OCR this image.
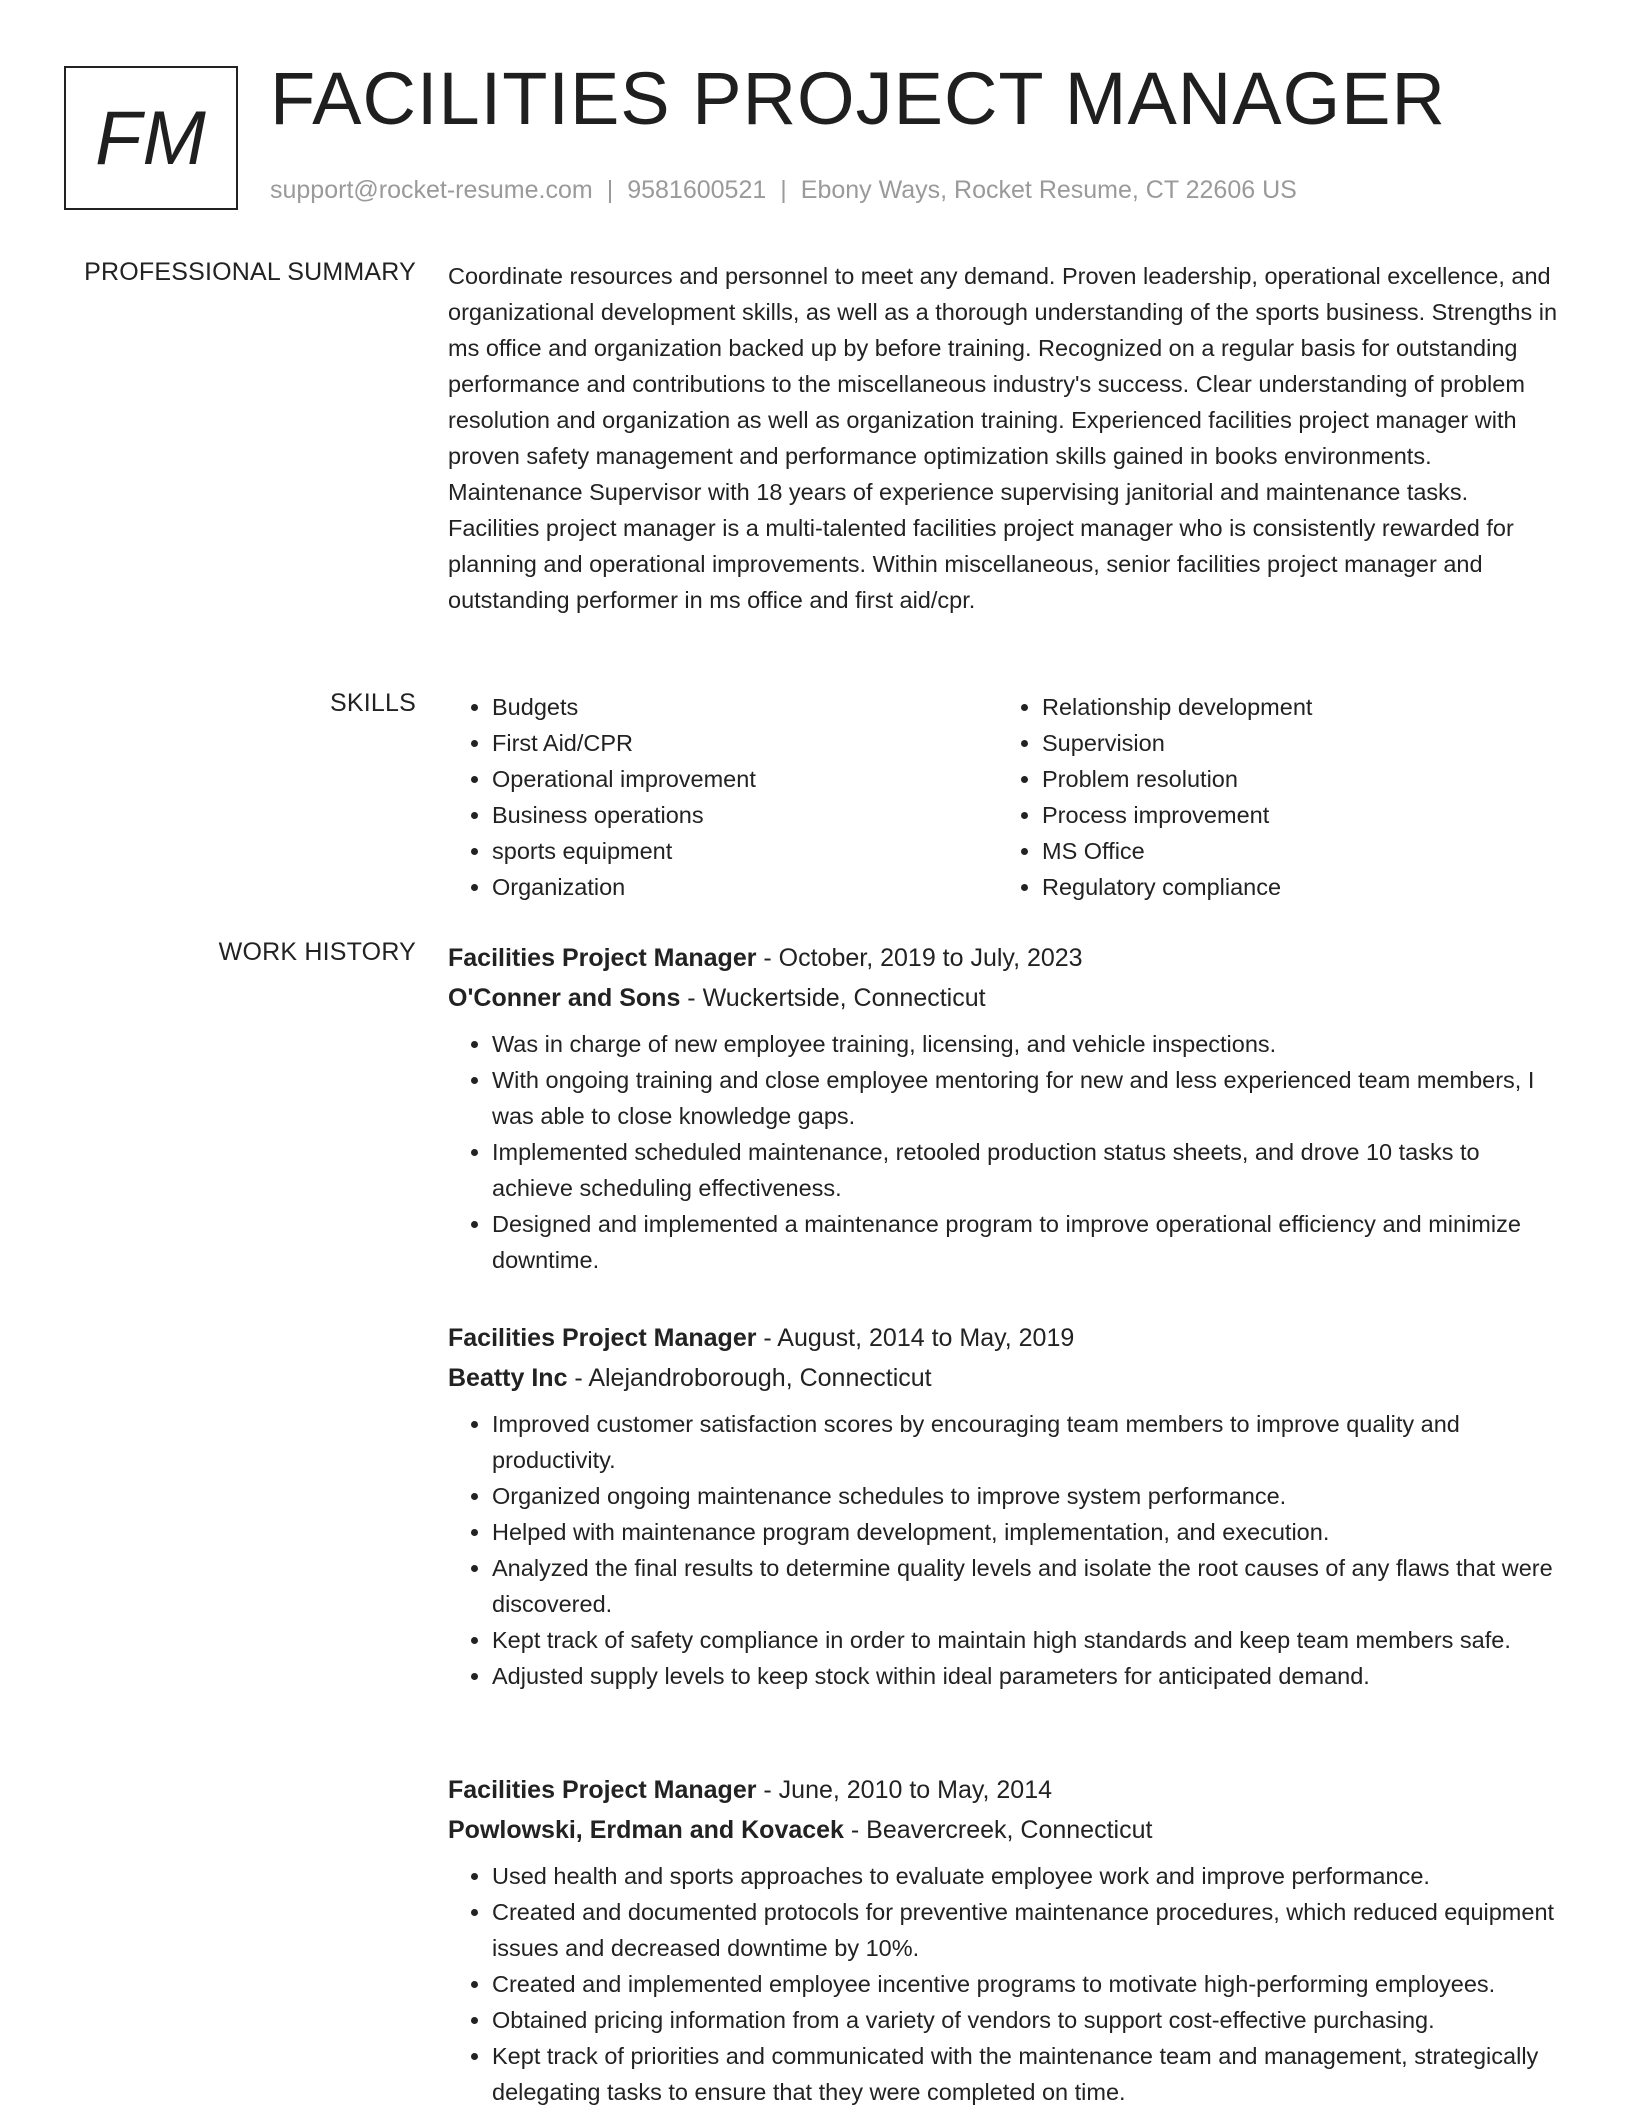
FM FACILITIES PROJECT MANAGER
support@rocket-resume.com | 9581600521 | Ebony Ways, Rocket Resume, CT 22606 US
PROFESSIONAL SUMMARY Coordinate resources and personnel to meet any demand. Proven leadership, operational excellence, and organizational development skills, as well as a thorough understanding of the sports business. Strengths in ms office and organization backed up by before training. Recognized on a regular basis for outstanding performance and contributions to the miscellaneous industry's success. Clear understanding of problem resolution and organization as well as organization training. Experienced facilities project manager with proven safety management and performance optimization skills gained in books environments. Maintenance Supervisor with 18 years of experience supervising janitorial and maintenance tasks. Facilities project manager is a multi-talented facilities project manager who is consistently rewarded for planning and operational improvements. Within miscellaneous, senior facilities project manager and outstanding performer in ms office and first aid/cpr.

SKILLS
•	Budgets
• First Aid/CPR
• Operational improvement
• Business operations
• sports equipment
• Organization
• Relationship development
• Supervision
• Problem resolution
• Process improvement
• MS Office
• Regulatory compliance
WORK HISTORY Facilities Project Manager - October, 2019 to July, 2023
O'Conner and Sons - Wuckertside, Connecticut
• Was in charge of new employee training, licensing, and vehicle inspections.
• With ongoing training and close employee mentoring for new and less experienced team members, I was able to close knowledge gaps.
• Implemented scheduled maintenance, retooled production status sheets, and drove 10 tasks to achieve scheduling effectiveness.
• Designed and implemented a maintenance program to improve operational efficiency and minimize downtime.
Facilities Project Manager - August, 2014 to May, 2019
Beatty Inc - Alejandroborough, Connecticut
• Improved customer satisfaction scores by encouraging team members to improve quality and productivity.
• Organized ongoing maintenance schedules to improve system performance.
• Helped with maintenance program development, implementation, and execution.
• Analyzed the final results to determine quality levels and isolate the root causes of any flaws that were discovered.
• Kept track of safety compliance in order to maintain high standards and keep team members safe.
• Adjusted supply levels to keep stock within ideal parameters for anticipated demand.
Facilities Project Manager - June, 2010 to May, 2014
Powlowski, Erdman and Kovacek - Beavercreek, Connecticut
• Used health and sports approaches to evaluate employee work and improve performance.
• Created and documented protocols for preventive maintenance procedures, which reduced equipment issues and decreased downtime by 10%.
• Created and implemented employee incentive programs to motivate high-performing employees.
• Obtained pricing information from a variety of vendors to support cost-effective purchasing.
• Kept track of priorities and communicated with the maintenance team and management, strategically delegating tasks to ensure that they were completed on time.
